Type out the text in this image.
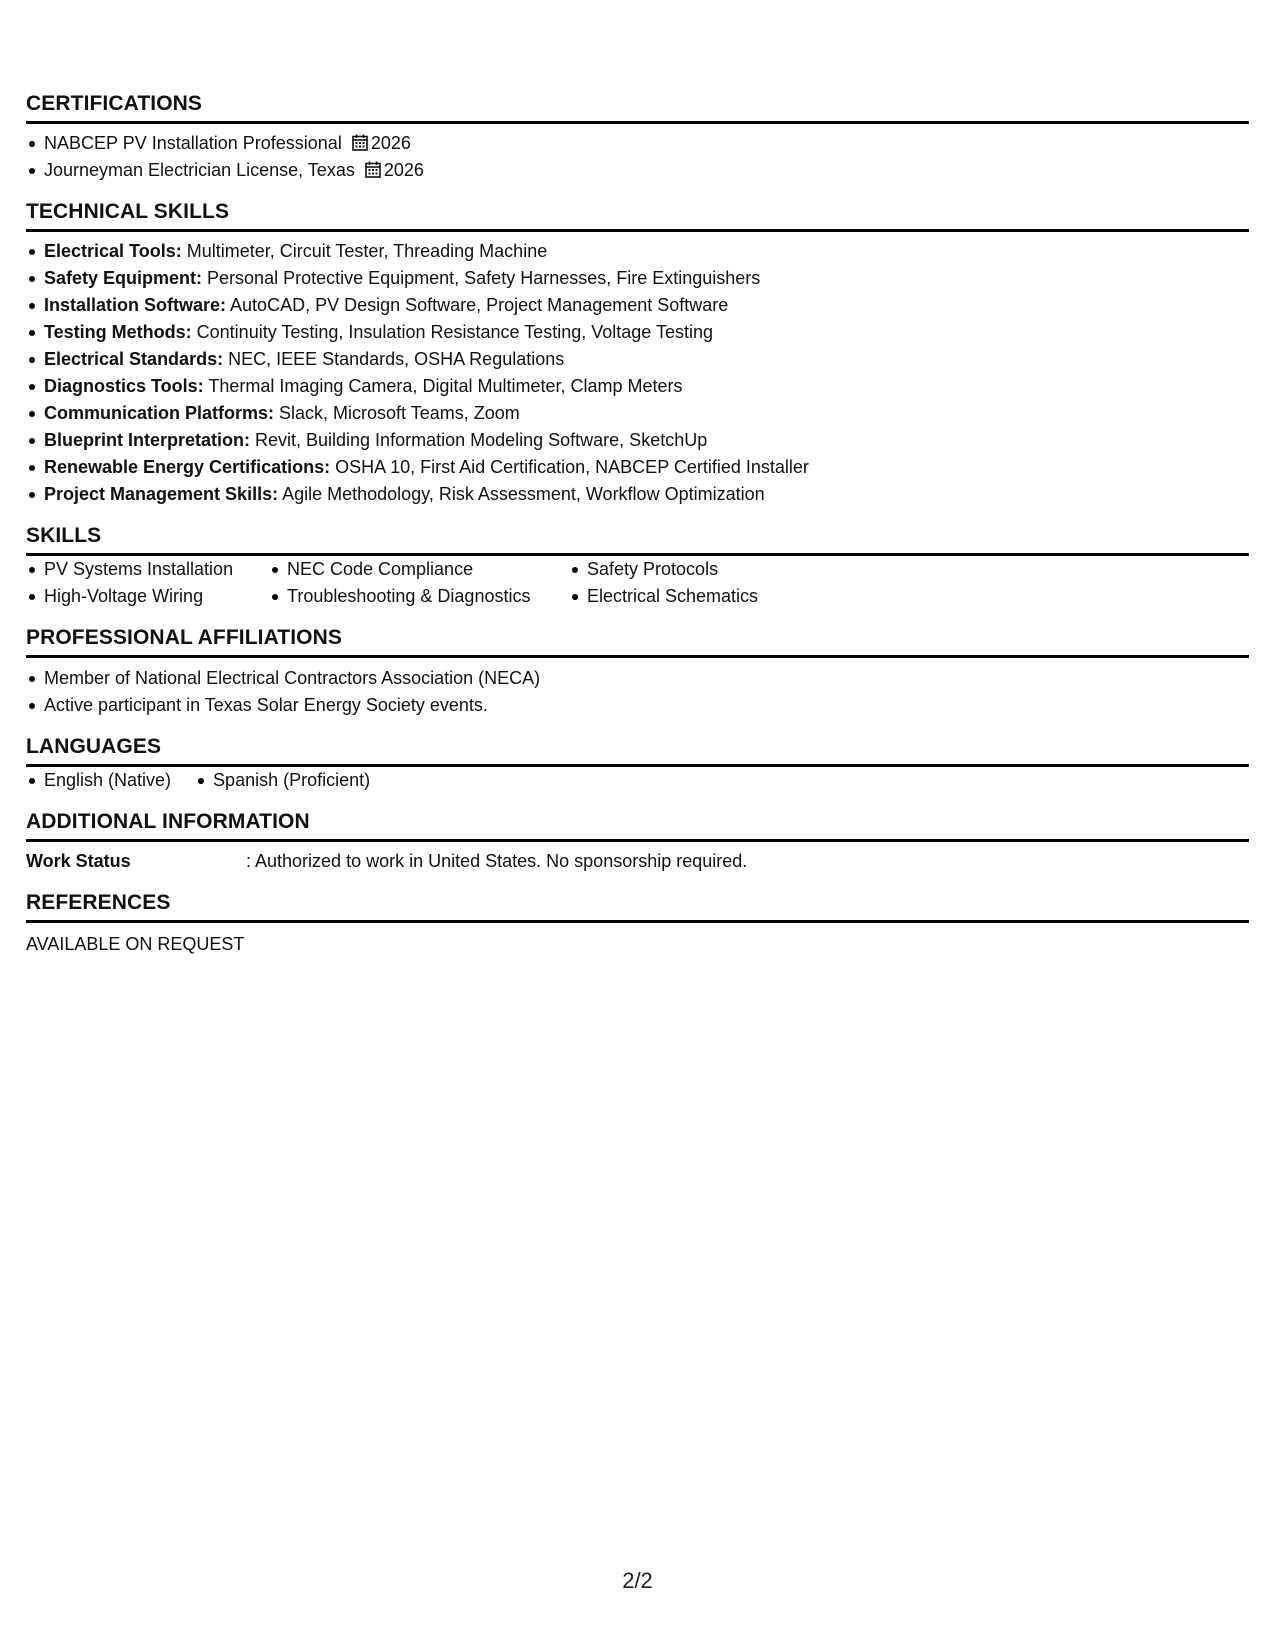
CERTIFICATIONS
NABCEP PV Installation Professional 2026
Journeyman Electrician License, Texas 2026
TECHNICAL SKILLS
Electrical Tools: Multimeter, Circuit Tester, Threading Machine
Safety Equipment: Personal Protective Equipment, Safety Harnesses, Fire Extinguishers
Installation Software: AutoCAD, PV Design Software, Project Management Software
Testing Methods: Continuity Testing, Insulation Resistance Testing, Voltage Testing
Electrical Standards: NEC, IEEE Standards, OSHA Regulations
Diagnostics Tools: Thermal Imaging Camera, Digital Multimeter, Clamp Meters
Communication Platforms: Slack, Microsoft Teams, Zoom
Blueprint Interpretation: Revit, Building Information Modeling Software, SketchUp
Renewable Energy Certifications: OSHA 10, First Aid Certification, NABCEP Certified Installer
Project Management Skills: Agile Methodology, Risk Assessment, Workflow Optimization
SKILLS
PV Systems Installation	NEC Code Compliance	Safety Protocols
High-Voltage Wiring	Troubleshooting & Diagnostics	Electrical Schematics
PROFESSIONAL AFFILIATIONS
Member of National Electrical Contractors Association (NECA)
Active participant in Texas Solar Energy Society events.
LANGUAGES
English (Native)	Spanish (Proficient)
ADDITIONAL INFORMATION
Work Status	: Authorized to work in United States. No sponsorship required.
REFERENCES
AVAILABLE ON REQUEST
2/2
